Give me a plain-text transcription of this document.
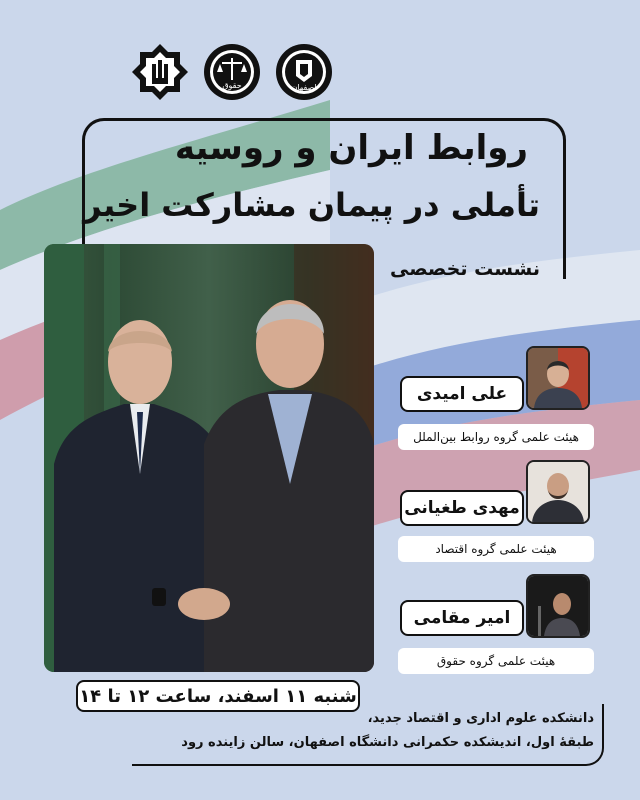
حقوق	اصفهان
روابط ایران و روسیه
تأملی در پیمان مشارکت اخیر
نشست تخصصی
علی امیدی
هیئت علمی گروه روابط بین‌الملل
مهدی طغیانی
هیئت علمی گروه اقتصاد
امیر مقامی
هیئت علمی گروه حقوق
شنبه ۱۱ اسفند، ساعت ۱۲ تا ۱۴
دانشکده علوم اداری و اقتصاد جدید،
طبقهٔ اول، اندیشکده حکمرانی دانشگاه اصفهان، سالن زاینده رود
